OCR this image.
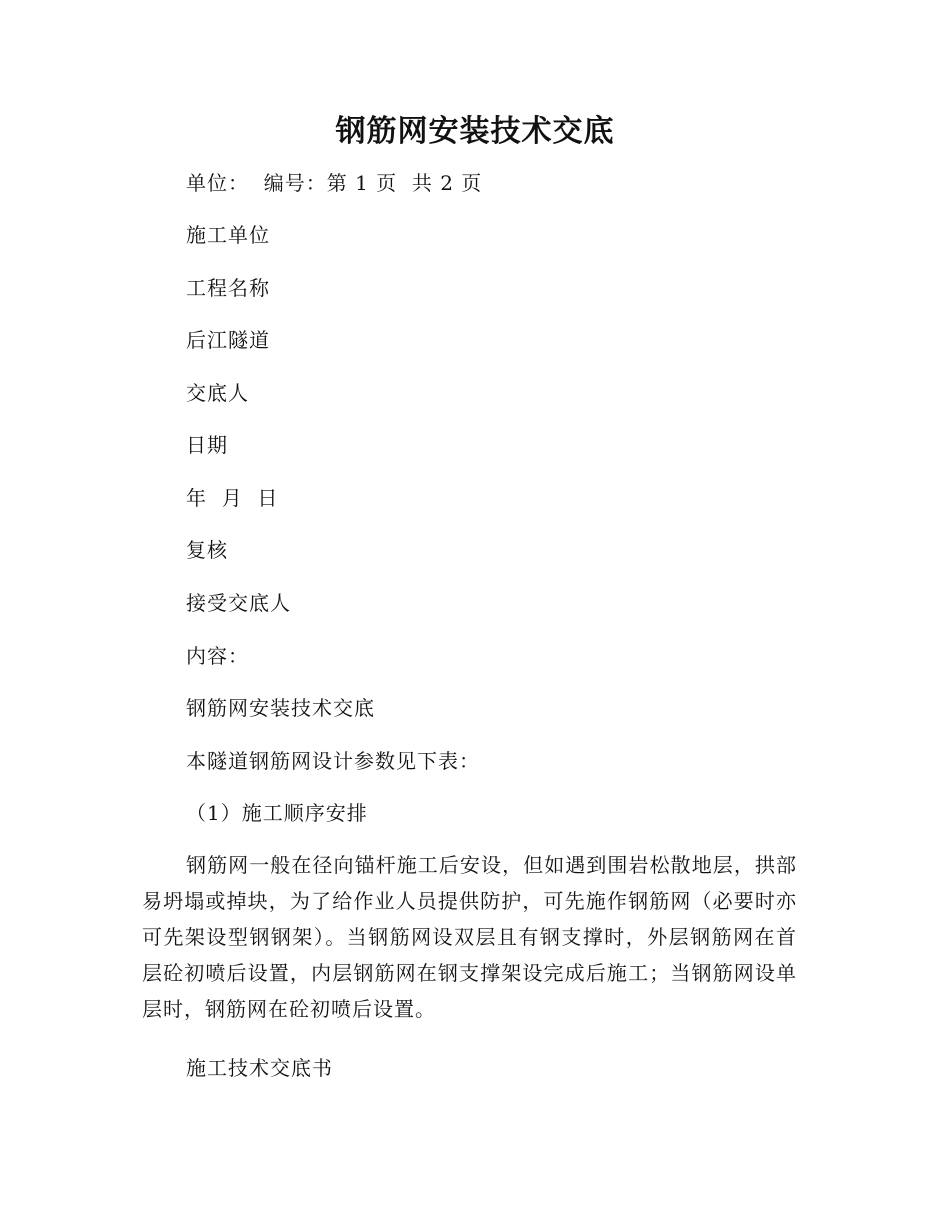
钢筋网安装技术交底
单位：  编号：第 1 页  共 2 页
施工单位
工程名称
后江隧道
交底人
日期
年  月  日
复核
接受交底人
内容：
钢筋网安装技术交底
本隧道钢筋网设计参数见下表：
（1）施工顺序安排
钢筋网一般在径向锚杆施工后安设，但如遇到围岩松散地层，拱部易坍塌或掉块，为了给作业人员提供防护，可先施作钢筋网（必要时亦可先架设型钢钢架）。当钢筋网设双层且有钢支撑时，外层钢筋网在首层砼初喷后设置，内层钢筋网在钢支撑架设完成后施工；当钢筋网设单层时，钢筋网在砼初喷后设置。
施工技术交底书
